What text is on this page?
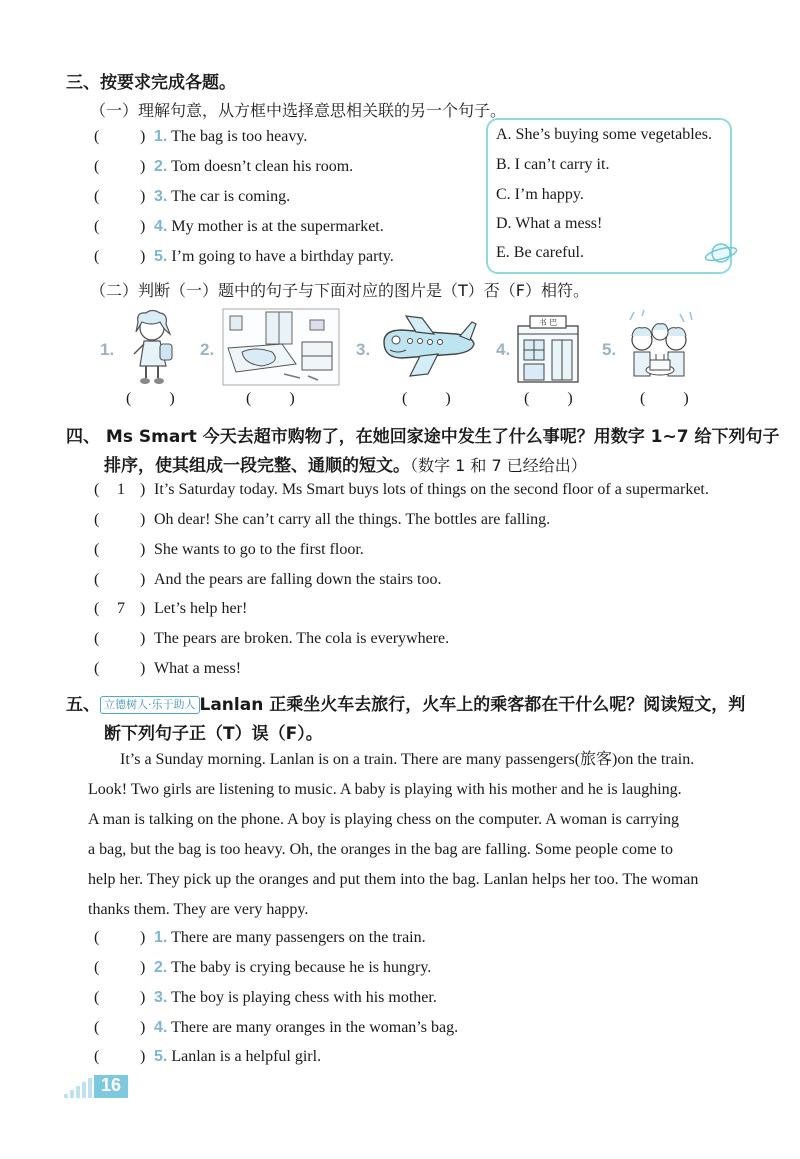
三、按要求完成各题。
（一）理解句意，从方框中选择意思相关联的另一个句子。
(	) 1. The bag is too heavy.
(	) 2. Tom doesn’t clean his room.
(	) 3. The car is coming.
(	) 4. My mother is at the supermarket.
(	) 5. I’m going to have a birthday party.
A. She’s buying some vegetables.
B. I can’t carry it.
C. I’m happy.
D. What a mess!
E. Be careful.
（二）判断（一）题中的句子与下面对应的图片是（T）否（F）相符。
1.	2.	3.	4.
书 巴
5.
( )	( )	( )	( )	( )
四、 Ms Smart 今天去超市购物了，在她回家途中发生了什么事呢？用数字 1~7 给下列句子
排序，使其组成一段完整、通顺的短文。（数字 1 和 7 已经给出）
(	1 ) It’s Saturday today. Ms Smart buys lots of things on the second floor of a supermarket.
(	) Oh dear! She can’t carry all the things. The bottles are falling.
(	) She wants to go to the first floor.
(	) And the pears are falling down the stairs too.
(	7 ) Let’s help her!
(	) The pears are broken. The cola is everywhere.
(	) What a mess!
五、 立德树人·乐于助人 Lanlan 正乘坐火车去旅行，火车上的乘客都在干什么呢？阅读短文，判
断下列句子正（T）误（F）。
It’s a Sunday morning. Lanlan is on a train. There are many passengers(旅客)on the train.
Look! Two girls are listening to music. A baby is playing with his mother and he is laughing.
A man is talking on the phone. A boy is playing chess on the computer. A woman is carrying
a bag, but the bag is too heavy. Oh, the oranges in the bag are falling. Some people come to
help her. They pick up the oranges and put them into the bag. Lanlan helps her too. The woman
thanks them. They are very happy.
(	) 1. There are many passengers on the train.
(	) 2. The baby is crying because he is hungry.
(	) 3. The boy is playing chess with his mother.
(	) 4. There are many oranges in the woman’s bag.
(	) 5. Lanlan is a helpful girl.
16
